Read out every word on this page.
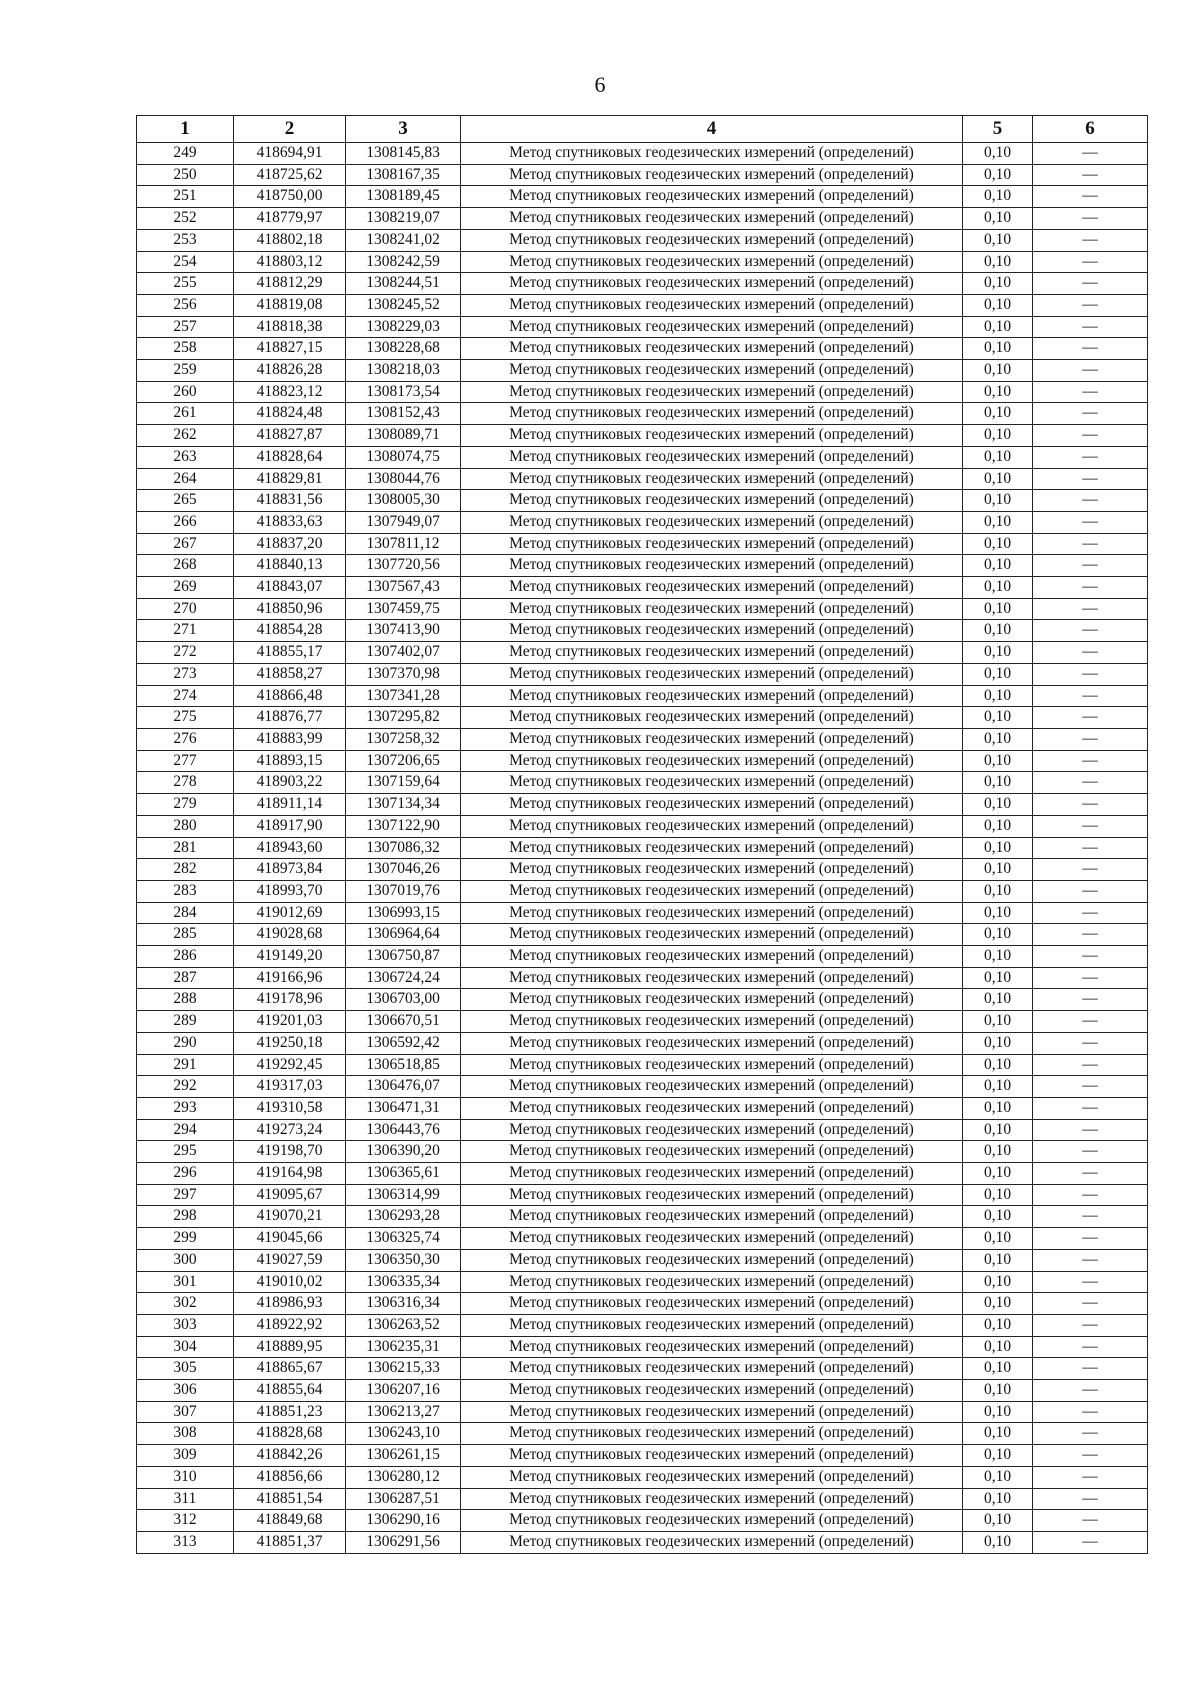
6
1	2	3	4	5	6
249	418694,91	1308145,83	Метод спутниковых геодезических измерений (определений)	0,10	—
250	418725,62	1308167,35	Метод спутниковых геодезических измерений (определений)	0,10	—
251	418750,00	1308189,45	Метод спутниковых геодезических измерений (определений)	0,10	—
252	418779,97	1308219,07	Метод спутниковых геодезических измерений (определений)	0,10	—
253	418802,18	1308241,02	Метод спутниковых геодезических измерений (определений)	0,10	—
254	418803,12	1308242,59	Метод спутниковых геодезических измерений (определений)	0,10	—
255	418812,29	1308244,51	Метод спутниковых геодезических измерений (определений)	0,10	—
256	418819,08	1308245,52	Метод спутниковых геодезических измерений (определений)	0,10	—
257	418818,38	1308229,03	Метод спутниковых геодезических измерений (определений)	0,10	—
258	418827,15	1308228,68	Метод спутниковых геодезических измерений (определений)	0,10	—
259	418826,28	1308218,03	Метод спутниковых геодезических измерений (определений)	0,10	—
260	418823,12	1308173,54	Метод спутниковых геодезических измерений (определений)	0,10	—
261	418824,48	1308152,43	Метод спутниковых геодезических измерений (определений)	0,10	—
262	418827,87	1308089,71	Метод спутниковых геодезических измерений (определений)	0,10	—
263	418828,64	1308074,75	Метод спутниковых геодезических измерений (определений)	0,10	—
264	418829,81	1308044,76	Метод спутниковых геодезических измерений (определений)	0,10	—
265	418831,56	1308005,30	Метод спутниковых геодезических измерений (определений)	0,10	—
266	418833,63	1307949,07	Метод спутниковых геодезических измерений (определений)	0,10	—
267	418837,20	1307811,12	Метод спутниковых геодезических измерений (определений)	0,10	—
268	418840,13	1307720,56	Метод спутниковых геодезических измерений (определений)	0,10	—
269	418843,07	1307567,43	Метод спутниковых геодезических измерений (определений)	0,10	—
270	418850,96	1307459,75	Метод спутниковых геодезических измерений (определений)	0,10	—
271	418854,28	1307413,90	Метод спутниковых геодезических измерений (определений)	0,10	—
272	418855,17	1307402,07	Метод спутниковых геодезических измерений (определений)	0,10	—
273	418858,27	1307370,98	Метод спутниковых геодезических измерений (определений)	0,10	—
274	418866,48	1307341,28	Метод спутниковых геодезических измерений (определений)	0,10	—
275	418876,77	1307295,82	Метод спутниковых геодезических измерений (определений)	0,10	—
276	418883,99	1307258,32	Метод спутниковых геодезических измерений (определений)	0,10	—
277	418893,15	1307206,65	Метод спутниковых геодезических измерений (определений)	0,10	—
278	418903,22	1307159,64	Метод спутниковых геодезических измерений (определений)	0,10	—
279	418911,14	1307134,34	Метод спутниковых геодезических измерений (определений)	0,10	—
280	418917,90	1307122,90	Метод спутниковых геодезических измерений (определений)	0,10	—
281	418943,60	1307086,32	Метод спутниковых геодезических измерений (определений)	0,10	—
282	418973,84	1307046,26	Метод спутниковых геодезических измерений (определений)	0,10	—
283	418993,70	1307019,76	Метод спутниковых геодезических измерений (определений)	0,10	—
284	419012,69	1306993,15	Метод спутниковых геодезических измерений (определений)	0,10	—
285	419028,68	1306964,64	Метод спутниковых геодезических измерений (определений)	0,10	—
286	419149,20	1306750,87	Метод спутниковых геодезических измерений (определений)	0,10	—
287	419166,96	1306724,24	Метод спутниковых геодезических измерений (определений)	0,10	—
288	419178,96	1306703,00	Метод спутниковых геодезических измерений (определений)	0,10	—
289	419201,03	1306670,51	Метод спутниковых геодезических измерений (определений)	0,10	—
290	419250,18	1306592,42	Метод спутниковых геодезических измерений (определений)	0,10	—
291	419292,45	1306518,85	Метод спутниковых геодезических измерений (определений)	0,10	—
292	419317,03	1306476,07	Метод спутниковых геодезических измерений (определений)	0,10	—
293	419310,58	1306471,31	Метод спутниковых геодезических измерений (определений)	0,10	—
294	419273,24	1306443,76	Метод спутниковых геодезических измерений (определений)	0,10	—
295	419198,70	1306390,20	Метод спутниковых геодезических измерений (определений)	0,10	—
296	419164,98	1306365,61	Метод спутниковых геодезических измерений (определений)	0,10	—
297	419095,67	1306314,99	Метод спутниковых геодезических измерений (определений)	0,10	—
298	419070,21	1306293,28	Метод спутниковых геодезических измерений (определений)	0,10	—
299	419045,66	1306325,74	Метод спутниковых геодезических измерений (определений)	0,10	—
300	419027,59	1306350,30	Метод спутниковых геодезических измерений (определений)	0,10	—
301	419010,02	1306335,34	Метод спутниковых геодезических измерений (определений)	0,10	—
302	418986,93	1306316,34	Метод спутниковых геодезических измерений (определений)	0,10	—
303	418922,92	1306263,52	Метод спутниковых геодезических измерений (определений)	0,10	—
304	418889,95	1306235,31	Метод спутниковых геодезических измерений (определений)	0,10	—
305	418865,67	1306215,33	Метод спутниковых геодезических измерений (определений)	0,10	—
306	418855,64	1306207,16	Метод спутниковых геодезических измерений (определений)	0,10	—
307	418851,23	1306213,27	Метод спутниковых геодезических измерений (определений)	0,10	—
308	418828,68	1306243,10	Метод спутниковых геодезических измерений (определений)	0,10	—
309	418842,26	1306261,15	Метод спутниковых геодезических измерений (определений)	0,10	—
310	418856,66	1306280,12	Метод спутниковых геодезических измерений (определений)	0,10	—
311	418851,54	1306287,51	Метод спутниковых геодезических измерений (определений)	0,10	—
312	418849,68	1306290,16	Метод спутниковых геодезических измерений (определений)	0,10	—
313	418851,37	1306291,56	Метод спутниковых геодезических измерений (определений)	0,10	—
